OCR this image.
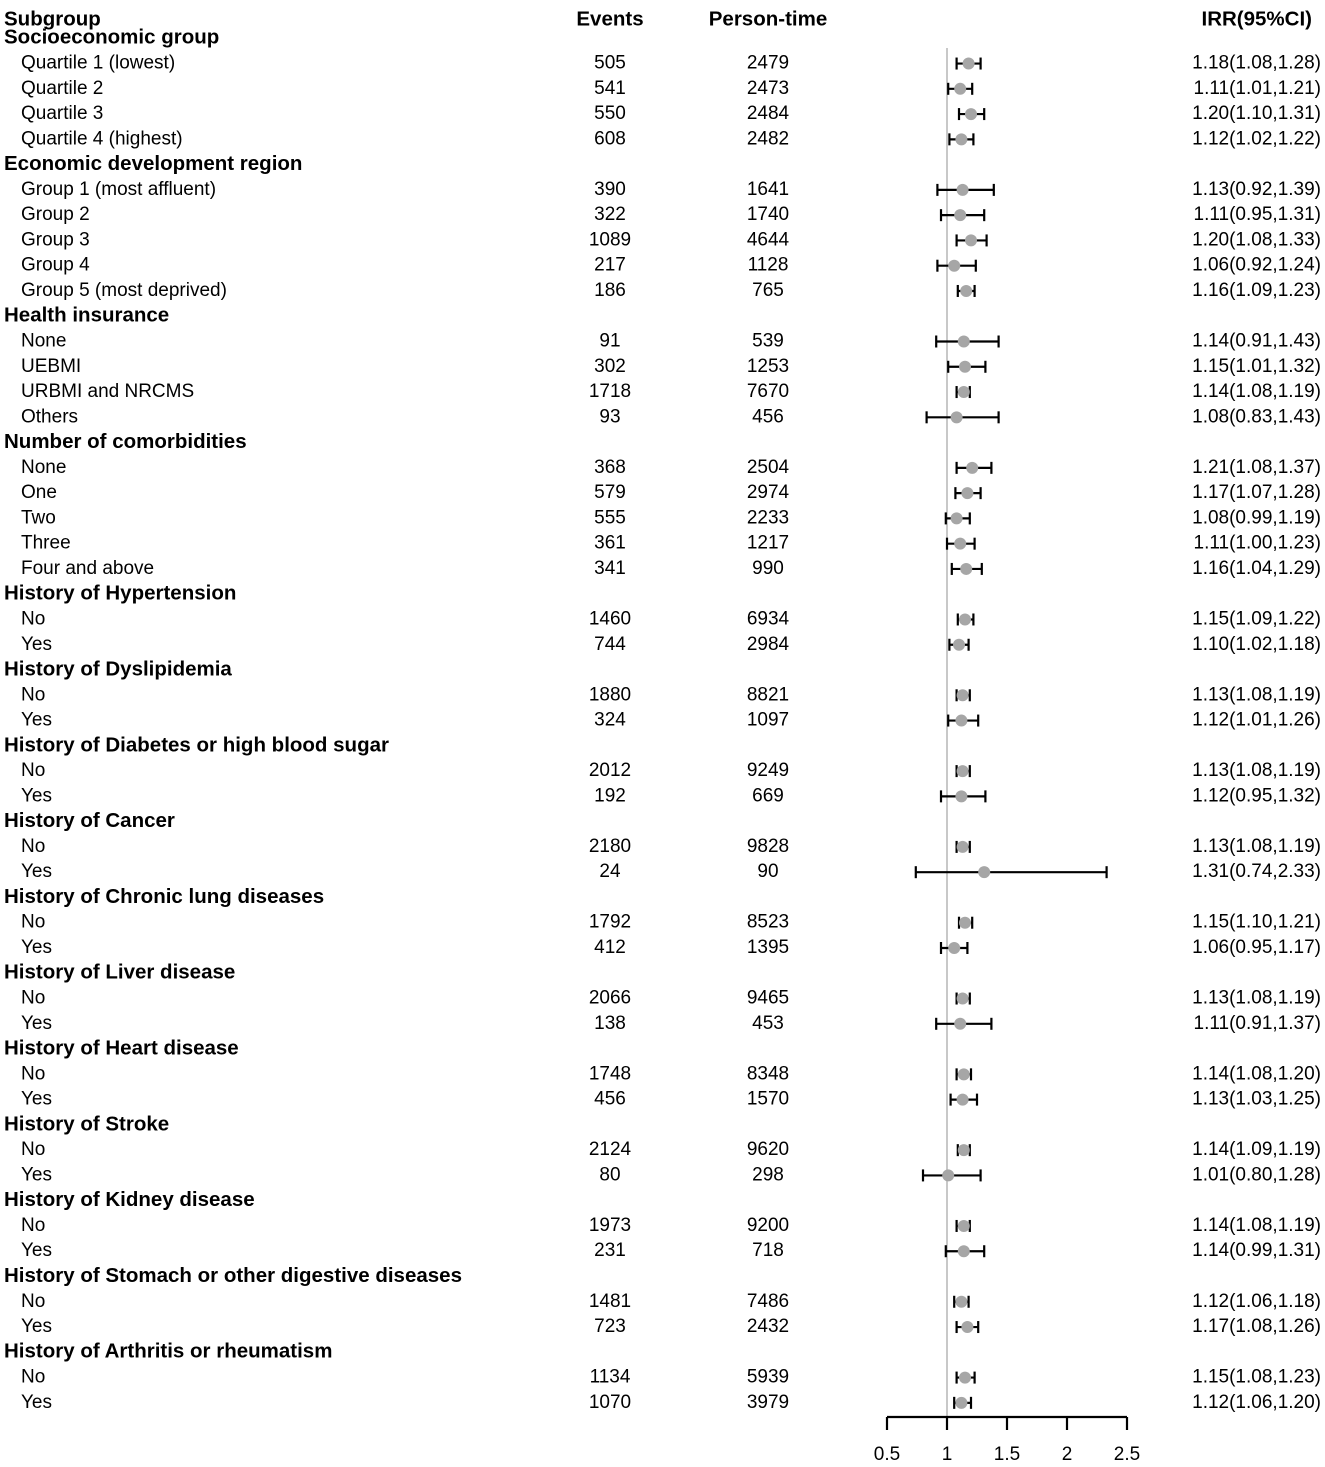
Subgroup	Events	Person-time	IRR(95%CI)
Socioeconomic group
Quartile 1 (lowest)	505	2479	1.18(1.08,1.28)
Quartile 2	541	2473	1.11(1.01,1.21)
Quartile 3	550	2484	1.20(1.10,1.31)
Quartile 4 (highest)	608	2482	1.12(1.02,1.22)
Economic development region
Group 1 (most affluent)	390	1641	1.13(0.92,1.39)
Group 2	322	1740	1.11(0.95,1.31)
Group 3	1089	4644	1.20(1.08,1.33)
Group 4	217	1128	1.06(0.92,1.24)
Group 5 (most deprived)	186	765	1.16(1.09,1.23)
Health insurance
None	91	539	1.14(0.91,1.43)
UEBMI	302	1253	1.15(1.01,1.32)
URBMI and NRCMS	1718	7670	1.14(1.08,1.19)
Others	93	456	1.08(0.83,1.43)
Number of comorbidities
None	368	2504	1.21(1.08,1.37)
One	579	2974	1.17(1.07,1.28)
Two	555	2233	1.08(0.99,1.19)
Three	361	1217	1.11(1.00,1.23)
Four and above	341	990	1.16(1.04,1.29)
History of Hypertension
No	1460	6934	1.15(1.09,1.22)
Yes	744	2984	1.10(1.02,1.18)
History of Dyslipidemia
No	1880	8821	1.13(1.08,1.19)
Yes	324	1097	1.12(1.01,1.26)
History of Diabetes or high blood sugar
No	2012	9249	1.13(1.08,1.19)
Yes	192	669	1.12(0.95,1.32)
History of Cancer
No	2180	9828	1.13(1.08,1.19)
Yes	24	90	1.31(0.74,2.33)
History of Chronic lung diseases
No	1792	8523	1.15(1.10,1.21)
Yes	412	1395	1.06(0.95,1.17)
History of Liver disease
No	2066	9465	1.13(1.08,1.19)
Yes	138	453	1.11(0.91,1.37)
History of Heart disease
No	1748	8348	1.14(1.08,1.20)
Yes	456	1570	1.13(1.03,1.25)
History of Stroke
No	2124	9620	1.14(1.09,1.19)
Yes	80	298	1.01(0.80,1.28)
History of Kidney disease
No	1973	9200	1.14(1.08,1.19)
Yes	231	718	1.14(0.99,1.31)
History of Stomach or other digestive diseases
No	1481	7486	1.12(1.06,1.18)
Yes	723	2432	1.17(1.08,1.26)
History of Arthritis or rheumatism
No	1134	5939	1.15(1.08,1.23)
Yes	1070	3979	1.12(1.06,1.20)
0.5 1 1.5 2 2.5
